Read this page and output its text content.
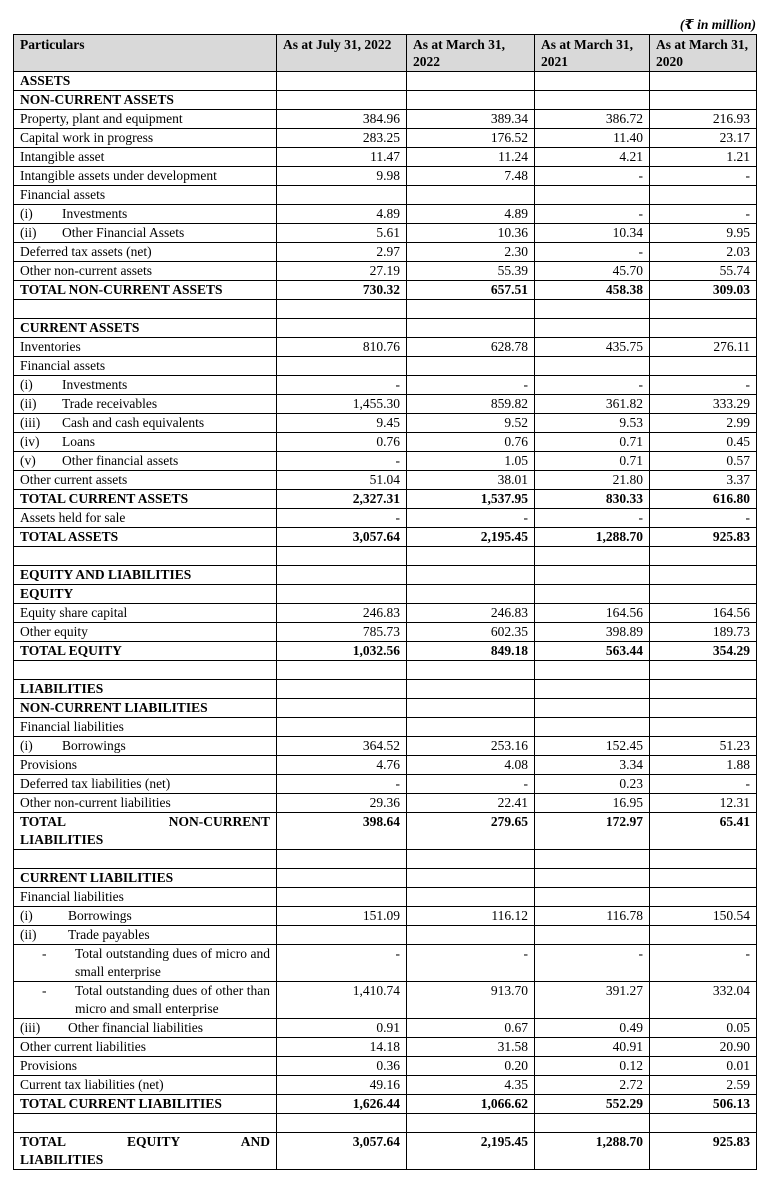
(₹ in million)
Particulars	As at July 31, 2022	As at March 31, 2022	As at March 31, 2021	As at March 31, 2020
ASSETS				
NON-CURRENT ASSETS				
Property, plant and equipment	384.96	389.34	386.72	216.93
Capital work in progress	283.25	176.52	11.40	23.17
Intangible asset	11.47	11.24	4.21	1.21
Intangible assets under development	9.98	7.48	-	-
Financial assets				

(i) Investments	4.89	4.89	-	-

(ii) Other Financial Assets	5.61	10.36	10.34	9.95
Deferred tax assets (net)	2.97	2.30	-	2.03
Other non-current assets	27.19	55.39	45.70	55.74
TOTAL NON-CURRENT ASSETS	730.32	657.51	458.38	309.03

CURRENT ASSETS				
Inventories	810.76	628.78	435.75	276.11
Financial assets				

(i) Investments	-	-	-	-

(ii) Trade receivables	1,455.30	859.82	361.82	333.29

(iii) Cash and cash equivalents	9.45	9.52	9.53	2.99

(iv) Loans	0.76	0.76	0.71	0.45

(v) Other financial assets	-	1.05	0.71	0.57
Other current assets	51.04	38.01	21.80	3.37
TOTAL CURRENT ASSETS	2,327.31	1,537.95	830.33	616.80
Assets held for sale	-	-	-	-
TOTAL ASSETS	3,057.64	2,195.45	1,288.70	925.83

EQUITY AND LIABILITIES				
EQUITY				
Equity share capital	246.83	246.83	164.56	164.56
Other equity	785.73	602.35	398.89	189.73
TOTAL EQUITY	1,032.56	849.18	563.44	354.29

LIABILITIES				
NON-CURRENT LIABILITIES				
Financial liabilities				

(i) Borrowings	364.52	253.16	152.45	51.23
Provisions	4.76	4.08	3.34	1.88
Deferred tax liabilities (net)	-	-	0.23	-
Other non-current liabilities	29.36	22.41	16.95	12.31

TOTAL NON-CURRENT
LIABILITIES	398.64	279.65	172.97	65.41

CURRENT LIABILITIES				
Financial liabilities				

(i) Borrowings	151.09	116.12	116.78	150.54

(ii) Trade payables				

- Total outstanding dues of micro and small enterprise	-	-	-	-

- Total outstanding dues of other than micro and small enterprise	1,410.74	913.70	391.27	332.04

(iii) Other financial liabilities	0.91	0.67	0.49	0.05
Other current liabilities	14.18	31.58	40.91	20.90
Provisions	0.36	0.20	0.12	0.01
Current tax liabilities (net)	49.16	4.35	2.72	2.59
TOTAL CURRENT LIABILITIES	1,626.44	1,066.62	552.29	506.13

TOTAL EQUITY AND
LIABILITIES	3,057.64	2,195.45	1,288.70	925.83
